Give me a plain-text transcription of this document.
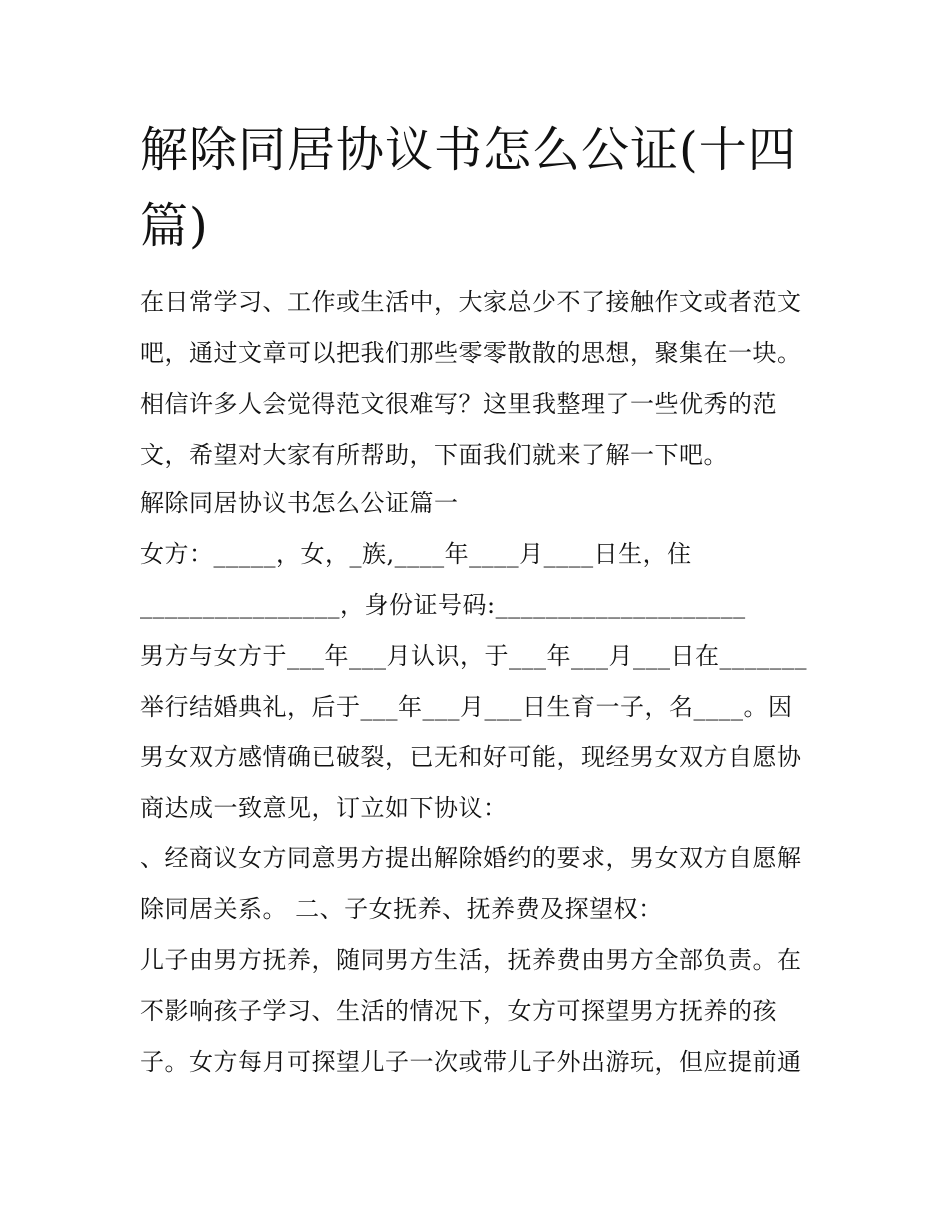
解除同居协议书怎么公证(十四
篇)
在日常学习、工作或生活中，大家总少不了接触作文或者范文
吧，通过文章可以把我们那些零零散散的思想，聚集在一块。
相信许多人会觉得范文很难写？这里我整理了一些优秀的范
文，希望对大家有所帮助，下面我们就来了解一下吧。
解除同居协议书怎么公证篇一
女方：_____，女，_族,____年____月____日生，住
________________，身份证号码:____________________
男方与女方于___年___月认识，于___年___月___日在_______
举行结婚典礼，后于___年___月___日生育一子，名____。因
男女双方感情确已破裂，已无和好可能，现经男女双方自愿协
商达成一致意见，订立如下协议：
、经商议女方同意男方提出解除婚约的要求，男女双方自愿解
除同居关系。 二、子女抚养、抚养费及探望权：
儿子由男方抚养，随同男方生活，抚养费由男方全部负责。在
不影响孩子学习、生活的情况下，女方可探望男方抚养的孩
子。女方每月可探望儿子一次或带儿子外出游玩，但应提前通
